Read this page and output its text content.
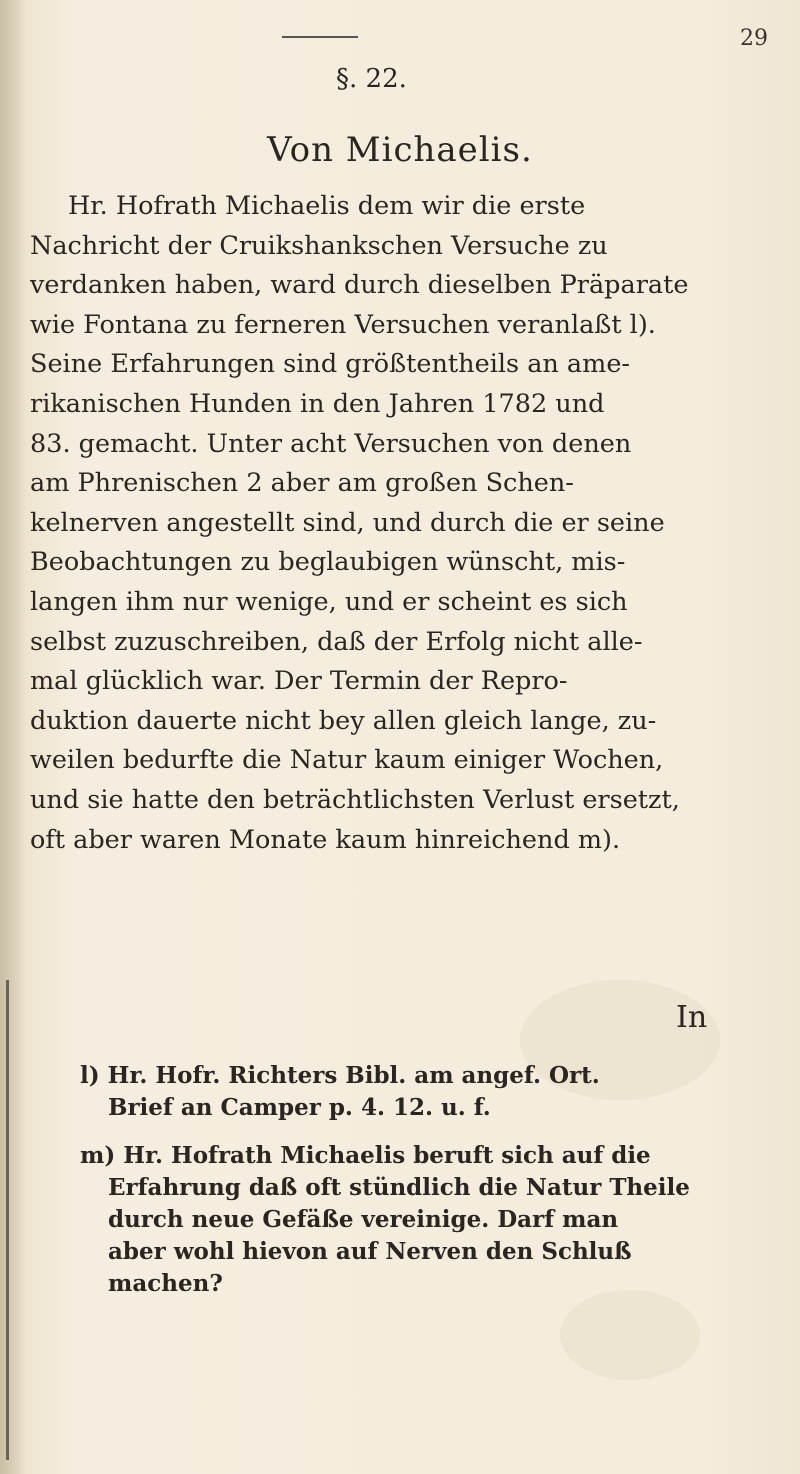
29
§. 22.
Von Michaelis.
Hr. Hofrath Michaelis dem wir die erste
Nachricht der Cruikshankschen Versuche zu
verdanken haben, ward durch dieselben Präparate
wie Fontana zu ferneren Versuchen veranlaßt l).
Seine Erfahrungen sind größtentheils an ame-
rikanischen Hunden in den Jahren 1782 und
83. gemacht. Unter acht Versuchen von denen
am Phrenischen 2 aber am großen Schen-
kelnerven angestellt sind, und durch die er seine
Beobachtungen zu beglaubigen wünscht, mis-
langen ihm nur wenige, und er scheint es sich
selbst zuzuschreiben, daß der Erfolg nicht alle-
mal glücklich war. Der Termin der Repro-
duktion dauerte nicht bey allen gleich lange, zu-
weilen bedurfte die Natur kaum einiger Wochen,
und sie hatte den beträchtlichsten Verlust ersetzt,
oft aber waren Monate kaum hinreichend m).
In
l) Hr. Hofr. Richters Bibl. am angef. Ort.
Brief an Camper p. 4. 12. u. f.
m) Hr. Hofrath Michaelis beruft sich auf die
Erfahrung daß oft stündlich die Natur Theile
durch neue Gefäße vereinige. Darf man
aber wohl hievon auf Nerven den Schluß
machen?
